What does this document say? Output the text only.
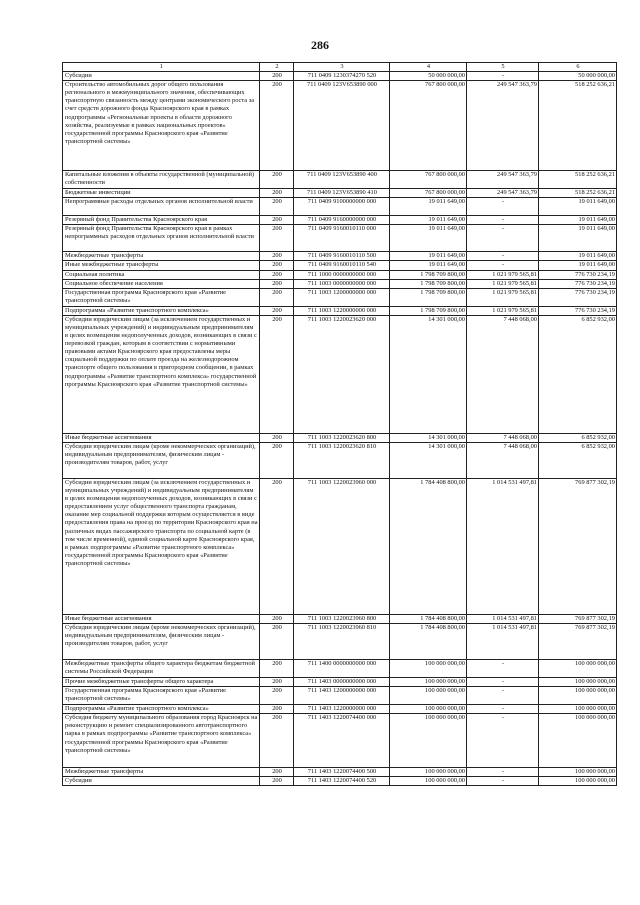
286
1	2	3	4	5	6
Субсидии	200	711 0409 1230374270 520	50 000 000,00	-	50 000 000,00
Строительство автомобильных дорог общего пользования регионального и межмуниципального значения, обеспечивающих транспортную связанность между центрами экономического роста за счет средств дорожного фонда Красноярского края в рамках подпрограммы «Региональные проекты в области дорожного хозяйства, реализуемые в рамках национальных проектов» государственной программы Красноярского края «Развитие транспортной системы»	200	711 0409 123V653890 000	767 800 000,00	249 547 363,79	518 252 636,21
Капитальные вложения в объекты государственной (муниципальной) собственности	200	711 0409 123V653890 400	767 800 000,00	249 547 363,79	518 252 636,21
Бюджетные инвестиции	200	711 0409 123V653890 410	767 800 000,00	249 547 363,79	518 252 636,21
Непрограммные расходы отдельных органов исполнительной власти	200	711 0409 9100000000 000	19 011 649,00	-	19 011 649,00
Резервный фонд Правительства Красноярского края	200	711 0409 9160000000 000	19 011 649,00	-	19 011 649,00
Резервный фонд Правительства Красноярского края в рамках непрограммных расходов отдельных органов исполнительной власти	200	711 0409 9160010110 000	19 011 649,00	-	19 011 649,00
Межбюджетные трансферты	200	711 0409 9160010110 500	19 011 649,00	-	19 011 649,00
Иные межбюджетные трансферты	200	711 0409 9160010110 540	19 011 649,00	-	19 011 649,00
Социальная политика	200	711 1000 0000000000 000	1 798 709 800,00	1 021 979 565,81	776 730 234,19
Социальное обеспечение населения	200	711 1003 0000000000 000	1 798 709 800,00	1 021 979 565,81	776 730 234,19
Государственная программа Красноярского края «Развитие транспортной системы»	200	711 1003 1200000000 000	1 798 709 800,00	1 021 979 565,81	776 730 234,19
Подпрограмма «Развитие транспортного комплекса»	200	711 1003 1220000000 000	1 798 709 800,00	1 021 979 565,81	776 730 234,19
Субсидии юридическим лицам (за исключением государственных и муниципальных учреждений) и индивидуальным предпринимателям в целях возмещения недополученных доходов, возникающих в связи с перевозкой граждан, которым в соответствии с нормативными правовыми актами Красноярского края предоставлены меры социальной поддержки по оплате проезда на железнодорожном транспорте общего пользования в пригородном сообщении, в рамках подпрограммы «Развитие транспортного комплекса» государственной программы Красноярского края «Развитие транспортной системы»	200	711 1003 1220023620 000	14 301 000,00	7 448 068,00	6 852 932,00
Иные бюджетные ассигнования	200	711 1003 1220023620 800	14 301 000,00	7 448 068,00	6 852 932,00
Субсидии юридическим лицам (кроме некоммерческих организаций), индивидуальным предпринимателям, физическим лицам - производителям товаров, работ, услуг	200	711 1003 1220023620 810	14 301 000,00	7 448 068,00	6 852 932,00
Субсидии юридическим лицам (за исключением государственных и муниципальных учреждений) и индивидуальным предпринимателям в целях возмещения недополученных доходов, возникающих в связи с предоставлением услуг общественного транспорта гражданам, оказание мер социальной поддержки которым осуществляется в виде предоставления права на проезд по территории Красноярского края на различных видах пассажирского транспорта по социальной карте (в том числе временной), единой социальной карте Красноярского края, в рамках подпрограммы «Развитие транспортного комплекса» государственной программы Красноярского края «Развитие транспортной системы»	200	711 1003 1220023960 000	1 784 408 800,00	1 014 531 497,81	769 877 302,19
Иные бюджетные ассигнования	200	711 1003 1220023960 800	1 784 408 800,00	1 014 531 497,81	769 877 302,19
Субсидии юридическим лицам (кроме некоммерческих организаций), индивидуальным предпринимателям, физическим лицам - производителям товаров, работ, услуг	200	711 1003 1220023960 810	1 784 408 800,00	1 014 531 497,81	769 877 302,19
Межбюджетные трансферты общего характера бюджетам бюджетной системы Российской Федерации	200	711 1400 0000000000 000	100 000 000,00	-	100 000 000,00
Прочие межбюджетные трансферты общего характера	200	711 1403 0000000000 000	100 000 000,00	-	100 000 000,00
Государственная программа Красноярского края «Развитие транспортной системы»	200	711 1403 1200000000 000	100 000 000,00	-	100 000 000,00
Подпрограмма «Развитие транспортного комплекса»	200	711 1403 1220000000 000	100 000 000,00	-	100 000 000,00
Субсидия бюджету муниципального образования город Красноярск на реконструкцию и ремонт специализированного автотранспортного парка в рамках подпрограммы «Развитие транспортного комплекса» государственной программы Красноярского края «Развитие транспортной системы»	200	711 1403 1220074400 000	100 000 000,00	-	100 000 000,00
Межбюджетные трансферты	200	711 1403 1220074400 500	100 000 000,00	-	100 000 000,00
Субсидии	200	711 1403 1220074400 520	100 000 000,00	-	100 000 000,00
